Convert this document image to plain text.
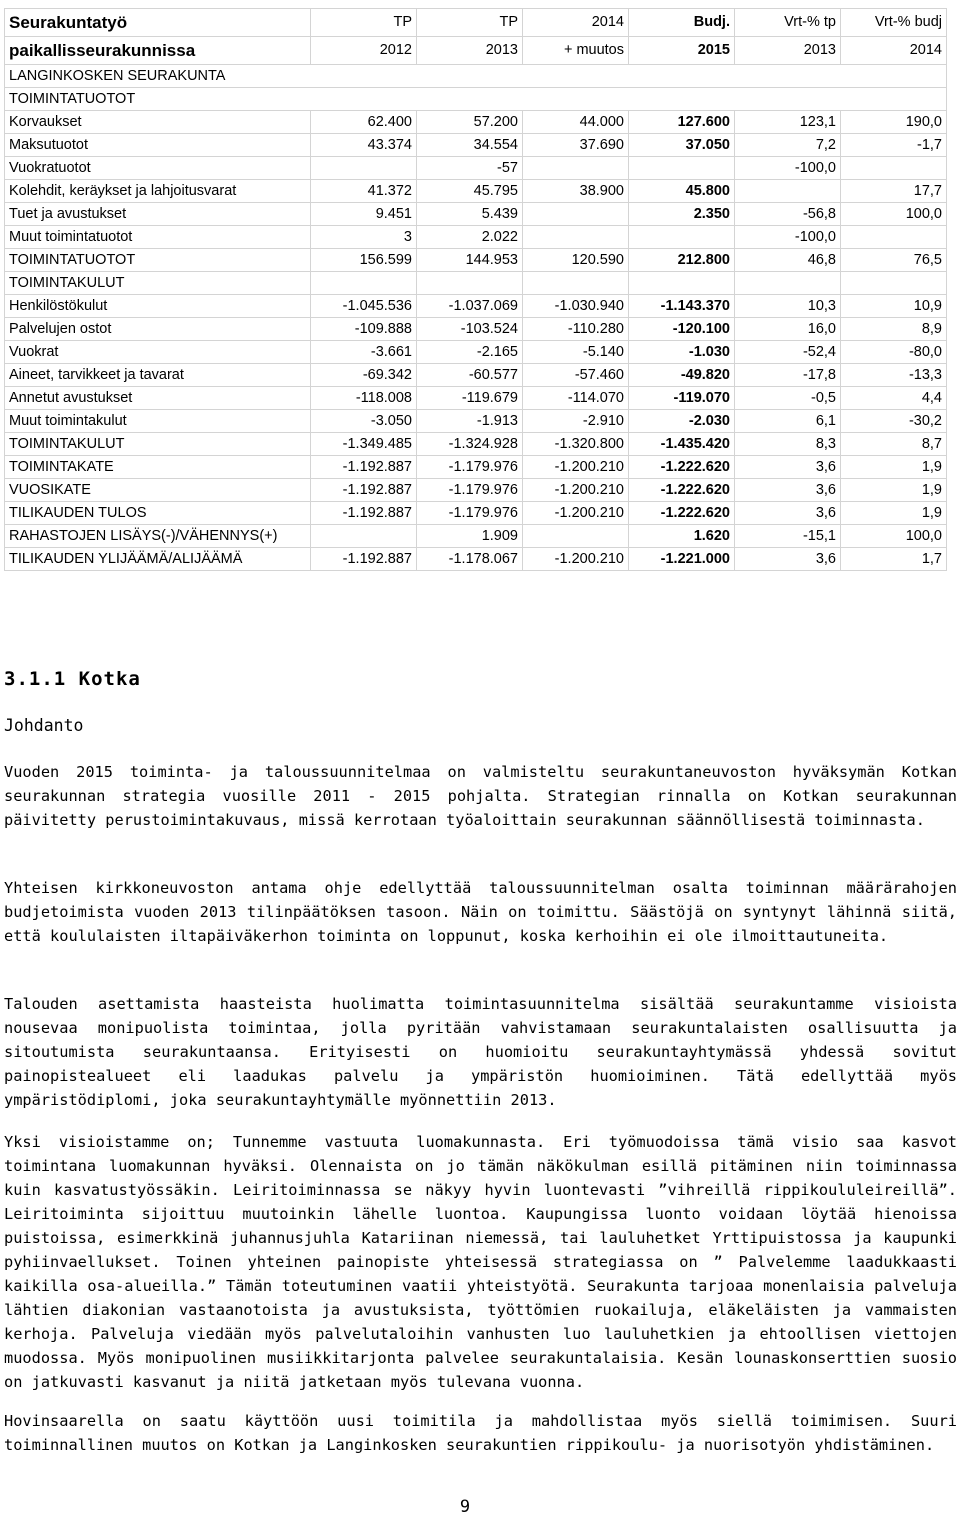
Seurakuntatyö	TP	TP	2014	Budj.	Vrt-% tp	Vrt-% budj
paikallisseurakunnissa	2012	2013	+ muutos	2015	2013	2014
LANGINKOSKEN SEURAKUNTA						
TOIMINTATUOTOT						
Korvaukset	62.400	57.200	44.000	127.600	123,1	190,0
Maksutuotot	43.374	34.554	37.690	37.050	7,2	-1,7
Vuokratuotot		-57			-100,0	
Kolehdit, keräykset ja lahjoitusvarat	41.372	45.795	38.900	45.800		17,7
Tuet ja avustukset	9.451	5.439		2.350	-56,8	100,0
Muut toimintatuotot	3	2.022			-100,0	
TOIMINTATUOTOT	156.599	144.953	120.590	212.800	46,8	76,5
TOIMINTAKULUT						
Henkilöstökulut	-1.045.536	-1.037.069	-1.030.940	-1.143.370	10,3	10,9
Palvelujen ostot	-109.888	-103.524	-110.280	-120.100	16,0	8,9
Vuokrat	-3.661	-2.165	-5.140	-1.030	-52,4	-80,0
Aineet, tarvikkeet ja tavarat	-69.342	-60.577	-57.460	-49.820	-17,8	-13,3
Annetut avustukset	-118.008	-119.679	-114.070	-119.070	-0,5	4,4
Muut toimintakulut	-3.050	-1.913	-2.910	-2.030	6,1	-30,2
TOIMINTAKULUT	-1.349.485	-1.324.928	-1.320.800	-1.435.420	8,3	8,7
TOIMINTAKATE	-1.192.887	-1.179.976	-1.200.210	-1.222.620	3,6	1,9
VUOSIKATE	-1.192.887	-1.179.976	-1.200.210	-1.222.620	3,6	1,9
TILIKAUDEN TULOS	-1.192.887	-1.179.976	-1.200.210	-1.222.620	3,6	1,9
RAHASTOJEN LISÄYS(-)/VÄHENNYS(+)		1.909		1.620	-15,1	100,0
TILIKAUDEN YLIJÄÄMÄ/ALIJÄÄMÄ	-1.192.887	-1.178.067	-1.200.210	-1.221.000	3,6	1,7
3.1.1 Kotka
Johdanto

Vuoden 2015 toiminta- ja taloussuunnitelmaa on valmisteltu seurakuntaneuvoston hyväksymän Kotkan seurakunnan strategia vuosille 2011 - 2015 pohjalta. Strategian rinnalla on Kotkan seurakunnan päivitetty perustoimintakuvaus, missä kerrotaan työaloittain seurakunnan säännöllisestä toiminnasta.

Yhteisen kirkkoneuvoston antama ohje edellyttää taloussuunnitelman osalta toiminnan määrärahojen budjetoimista vuoden 2013 tilinpäätöksen tasoon. Näin on toimittu. Säästöjä on syntynyt lähinnä siitä, että koululaisten iltapäiväkerhon toiminta on loppunut, koska kerhoihin ei ole ilmoittautuneita.

Talouden asettamista haasteista huolimatta toimintasuunnitelma sisältää seurakuntamme visioista nousevaa monipuolista toimintaa, jolla pyritään vahvistamaan seurakuntalaisten osallisuutta ja sitoutumista seurakuntaansa. Erityisesti on huomioitu seurakuntayhtymässä yhdessä sovitut painopistealueet eli laadukas palvelu ja ympäristön huomioiminen. Tätä edellyttää myös ympäristödiplomi, joka seurakuntayhtymälle myönnettiin 2013.

Yksi visioistamme on; Tunnemme vastuuta luomakunnasta. Eri työmuodoissa tämä visio saa kasvot toimintana luomakunnan hyväksi. Olennaista on jo tämän näkökulman esillä pitäminen niin toiminnassa kuin kasvatustyössäkin. Leiritoiminnassa se näkyy hyvin luontevasti ”vihreillä rippikoululeireillä”. Leiritoiminta sijoittuu muutoinkin lähelle luontoa. Kaupungissa luonto voidaan löytää hienoissa puistoissa, esimerkkinä juhannusjuhla Katariinan niemessä, tai lauluhetket Yrttipuistossa ja kaupunki pyhiinvaellukset. Toinen yhteinen painopiste yhteisessä strategiassa on ” Palvelemme laadukkaasti kaikilla osa-alueilla.” Tämän toteutuminen vaatii yhteistyötä. Seurakunta tarjoaa monenlaisia palveluja lähtien diakonian vastaanotoista ja avustuksista, työttömien ruokailuja, eläkeläisten ja vammaisten kerhoja. Palveluja viedään myös palvelutaloihin vanhusten luo lauluhetkien ja ehtoollisen viettojen muodossa. Myös monipuolinen musiikkitarjonta palvelee seurakuntalaisia. Kesän lounaskonserttien suosio on jatkuvasti kasvanut ja niitä jatketaan myös tulevana vuonna.

Hovinsaarella on saatu käyttöön uusi toimitila ja mahdollistaa myös siellä toimimisen. Suuri toiminnallinen muutos on Kotkan ja Langinkosken seurakuntien rippikoulu- ja nuorisotyön yhdistäminen.

9
